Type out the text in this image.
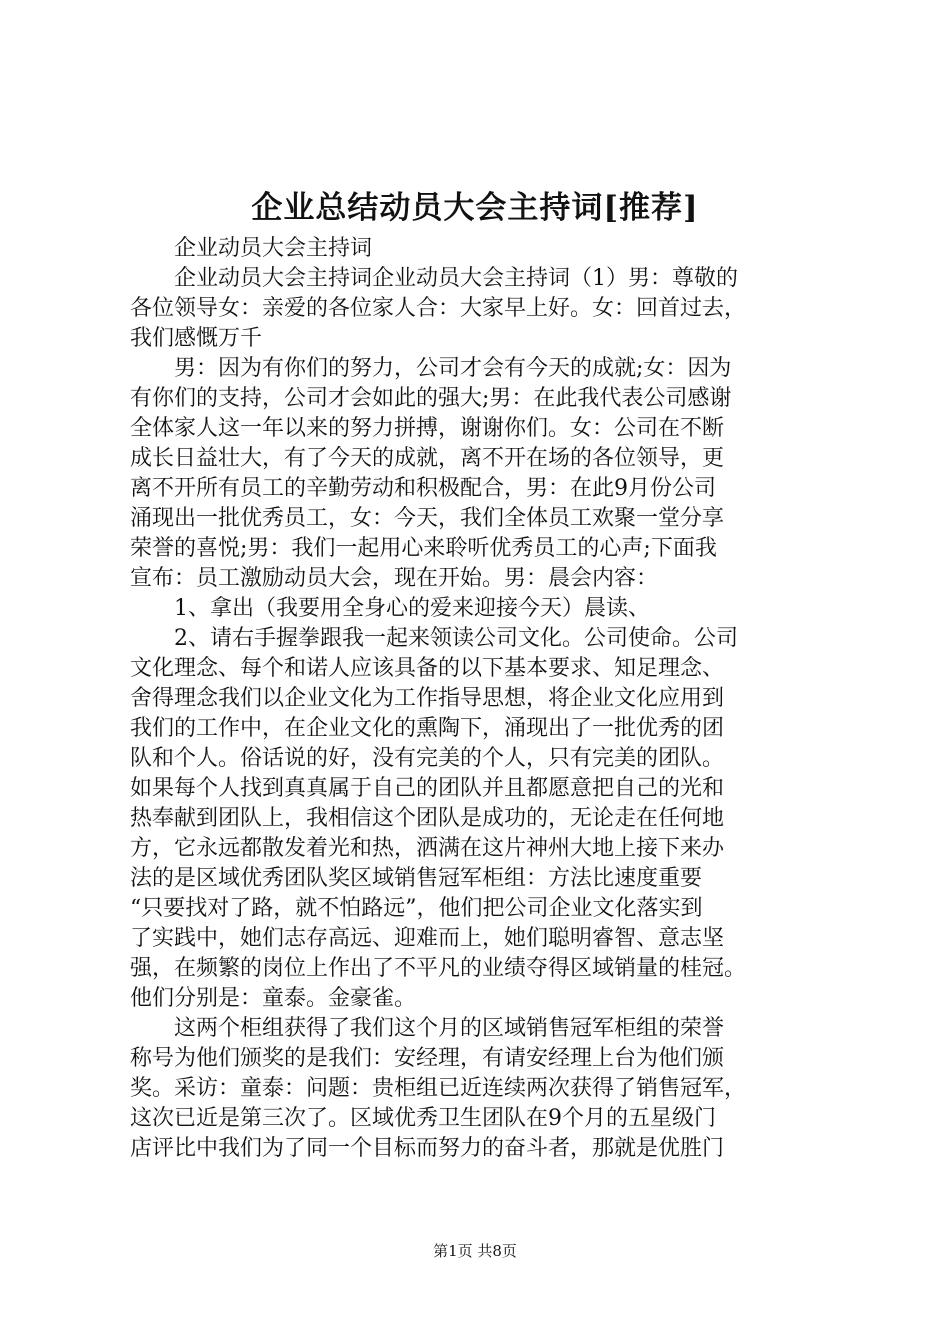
企业总结动员大会主持词[推荐]
企业动员大会主持词
企业动员大会主持词企业动员大会主持词（1）男：尊敬的
各位领导女：亲爱的各位家人合：大家早上好。女：回首过去，
我们感慨万千
男：因为有你们的努力，公司才会有今天的成就;女：因为
有你们的支持，公司才会如此的强大;男：在此我代表公司感谢
全体家人这一年以来的努力拼搏，谢谢你们。女：公司在不断
成长日益壮大，有了今天的成就，离不开在场的各位领导，更
离不开所有员工的辛勤劳动和积极配合，男：在此9月份公司
涌现出一批优秀员工，女：今天，我们全体员工欢聚一堂分享
荣誉的喜悦;男：我们一起用心来聆听优秀员工的心声;下面我
宣布：员工激励动员大会，现在开始。男：晨会内容：
1、拿出（我要用全身心的爱来迎接今天）晨读、
2、请右手握拳跟我一起来领读公司文化。公司使命。公司
文化理念、每个和诺人应该具备的以下基本要求、知足理念、
舍得理念我们以企业文化为工作指导思想，将企业文化应用到
我们的工作中，在企业文化的熏陶下，涌现出了一批优秀的团
队和个人。俗话说的好，没有完美的个人，只有完美的团队。
如果每个人找到真真属于自己的团队并且都愿意把自己的光和
热奉献到团队上，我相信这个团队是成功的，无论走在任何地
方，它永远都散发着光和热，洒满在这片神州大地上接下来办
法的是区域优秀团队奖区域销售冠军柜组：方法比速度重要
“只要找对了路，就不怕路远”，他们把公司企业文化落实到
了实践中，她们志存高远、迎难而上，她们聪明睿智、意志坚
强，在频繁的岗位上作出了不平凡的业绩夺得区域销量的桂冠。
他们分别是：童泰。金豪雀。
这两个柜组获得了我们这个月的区域销售冠军柜组的荣誉
称号为他们颁奖的是我们：安经理，有请安经理上台为他们颁
奖。采访：童泰：问题：贵柜组已近连续两次获得了销售冠军，
这次已近是第三次了。区域优秀卫生团队在9个月的五星级门
店评比中我们为了同一个目标而努力的奋斗者，那就是优胜门
第1页 共8页
